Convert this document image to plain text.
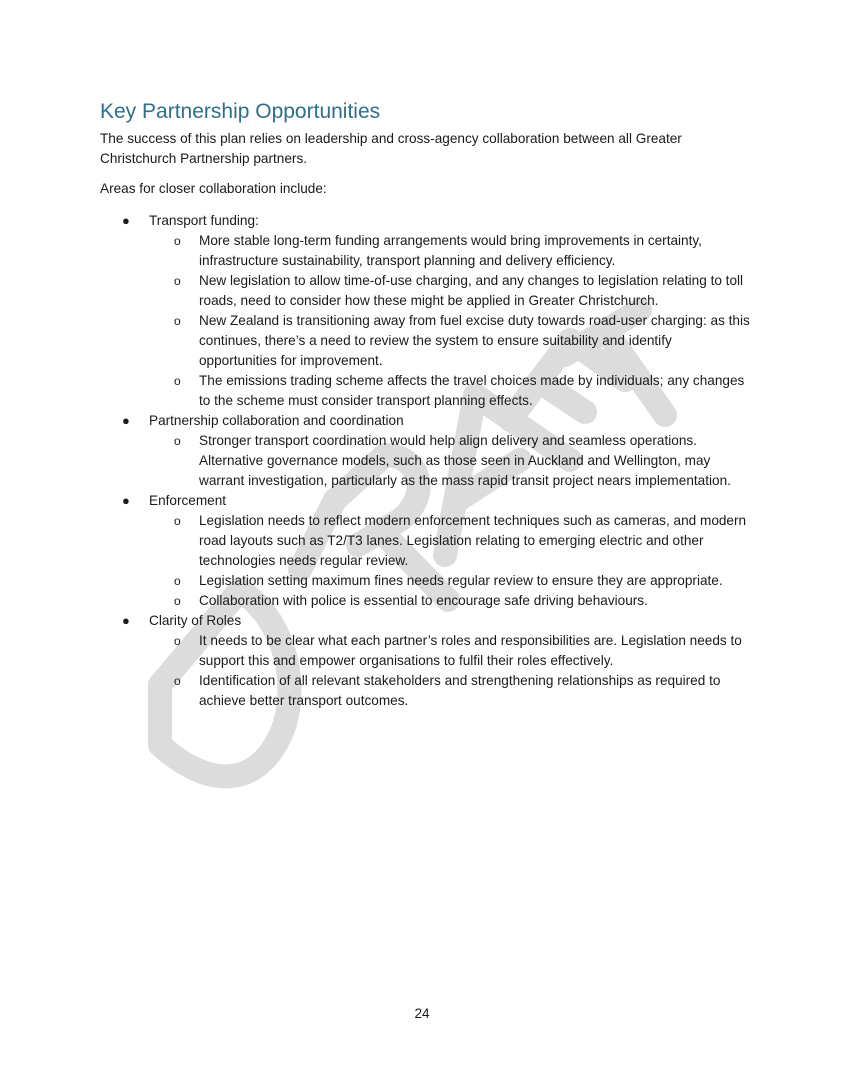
Key Partnership Opportunities

The success of this plan relies on leadership and cross-agency collaboration between all Greater Christchurch Partnership partners.

Areas for closer collaboration include:

● Transport funding:
o More stable long-term funding arrangements would bring improvements in certainty, infrastructure sustainability, transport planning and delivery efficiency.
o New legislation to allow time-of-use charging, and any changes to legislation relating to toll roads, need to consider how these might be applied in Greater Christchurch.
o New Zealand is transitioning away from fuel excise duty towards road-user charging: as this continues, there’s a need to review the system to ensure suitability and identify opportunities for improvement.
o The emissions trading scheme affects the travel choices made by individuals; any changes to the scheme must consider transport planning effects.
● Partnership collaboration and coordination
o Stronger transport coordination would help align delivery and seamless operations. Alternative governance models, such as those seen in Auckland and Wellington, may warrant investigation, particularly as the mass rapid transit project nears implementation.
● Enforcement
o Legislation needs to reflect modern enforcement techniques such as cameras, and modern road layouts such as T2/T3 lanes. Legislation relating to emerging electric and other technologies needs regular review.
o Legislation setting maximum fines needs regular review to ensure they are appropriate.
o Collaboration with police is essential to encourage safe driving behaviours.
● Clarity of Roles
o It needs to be clear what each partner’s roles and responsibilities are. Legislation needs to support this and empower organisations to fulfil their roles effectively.
o Identification of all relevant stakeholders and strengthening relationships as required to achieve better transport outcomes.

24
